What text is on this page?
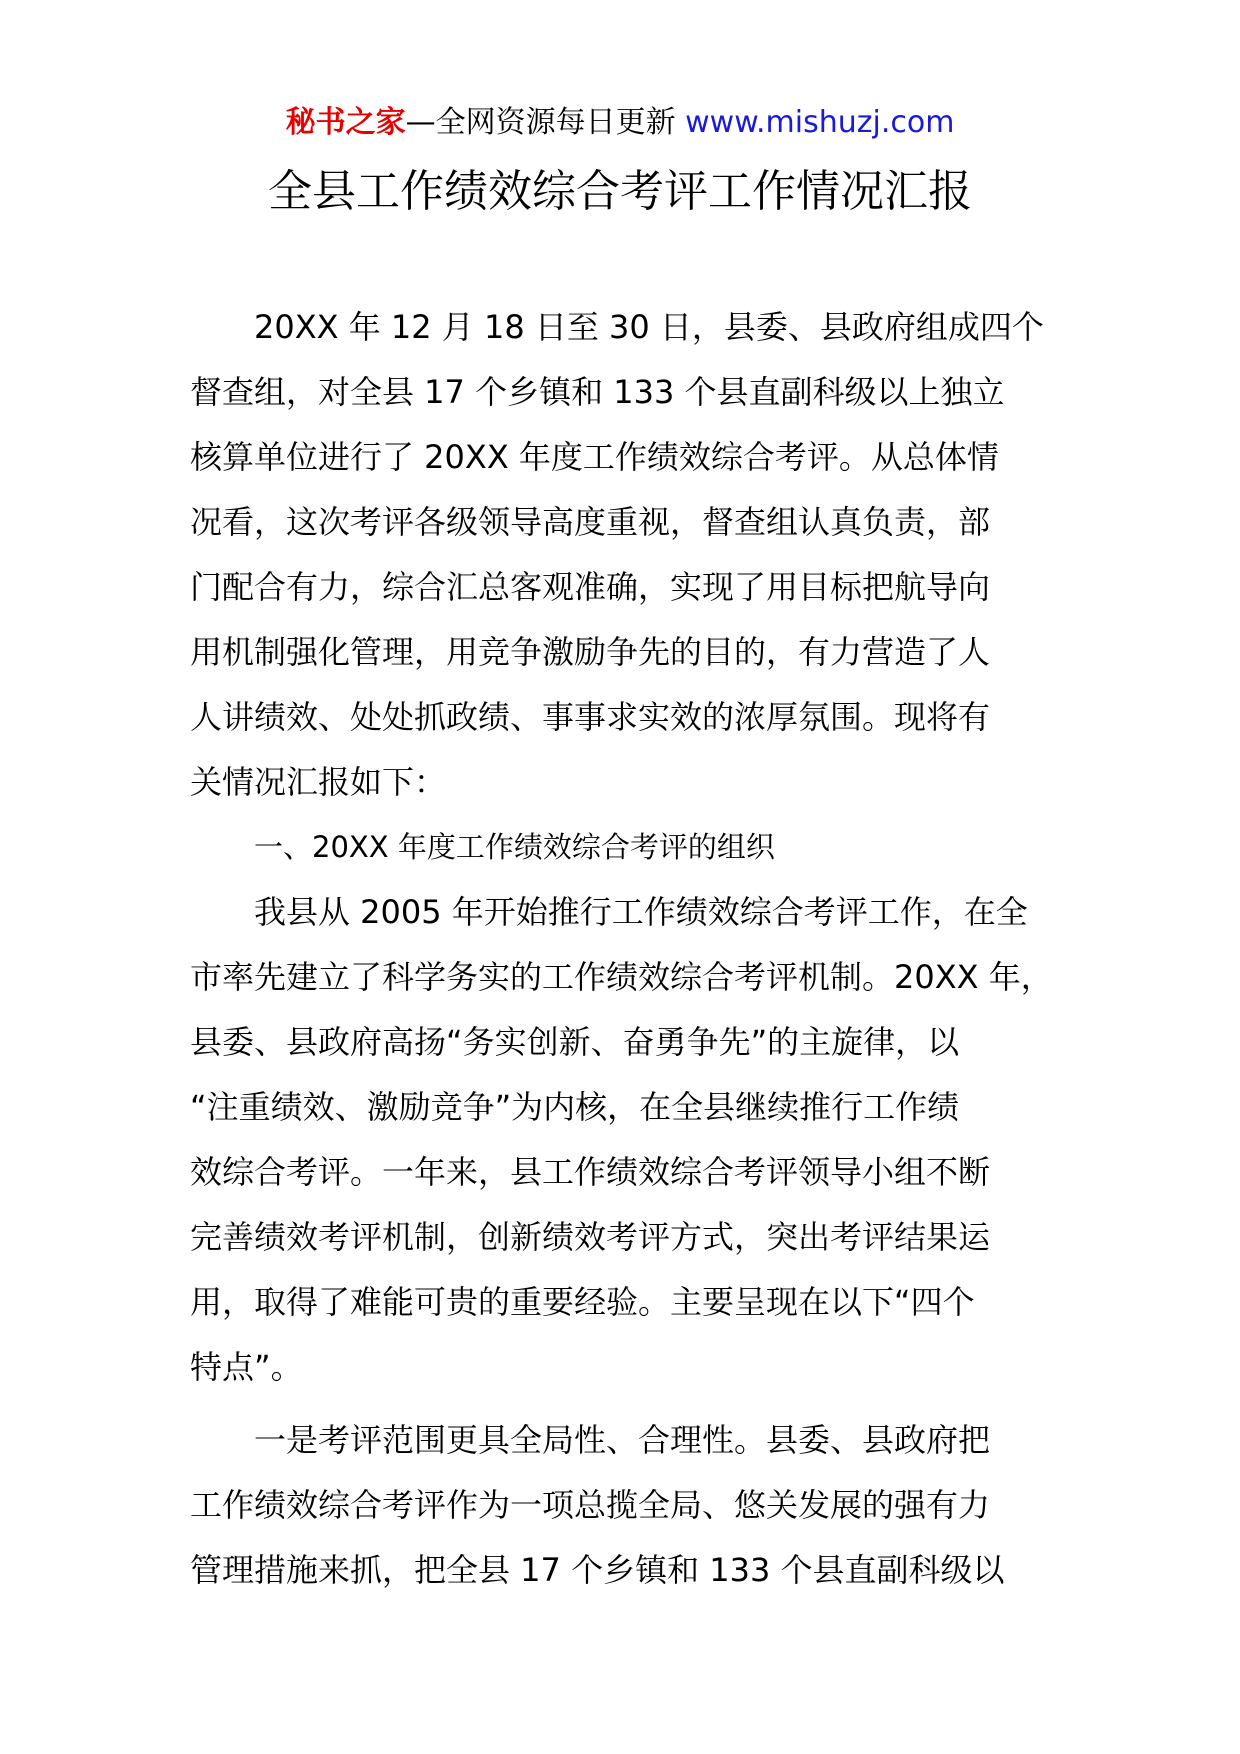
秘书之家—全网资源每日更新 www.mishuzj.com
全县工作绩效综合考评工作情况汇报
20XX 年 12 月 18 日至 30 日，县委、县政府组成四个
督查组，对全县 17 个乡镇和 133 个县直副科级以上独立
核算单位进行了 20XX 年度工作绩效综合考评。从总体情
况看，这次考评各级领导高度重视，督查组认真负责，部
门配合有力，综合汇总客观准确，实现了用目标把航导向
用机制强化管理，用竞争激励争先的目的，有力营造了人
人讲绩效、处处抓政绩、事事求实效的浓厚氛围。现将有
关情况汇报如下：
一、20XX 年度工作绩效综合考评的组织
我县从 2005 年开始推行工作绩效综合考评工作，在全
市率先建立了科学务实的工作绩效综合考评机制。20XX 年，
县委、县政府高扬“务实创新、奋勇争先”的主旋律，以
“注重绩效、激励竞争”为内核，在全县继续推行工作绩
效综合考评。一年来，县工作绩效综合考评领导小组不断
完善绩效考评机制，创新绩效考评方式，突出考评结果运
用，取得了难能可贵的重要经验。主要呈现在以下“四个
特点”。
一是考评范围更具全局性、合理性。县委、县政府把
工作绩效综合考评作为一项总揽全局、悠关发展的强有力
管理措施来抓，把全县 17 个乡镇和 133 个县直副科级以
